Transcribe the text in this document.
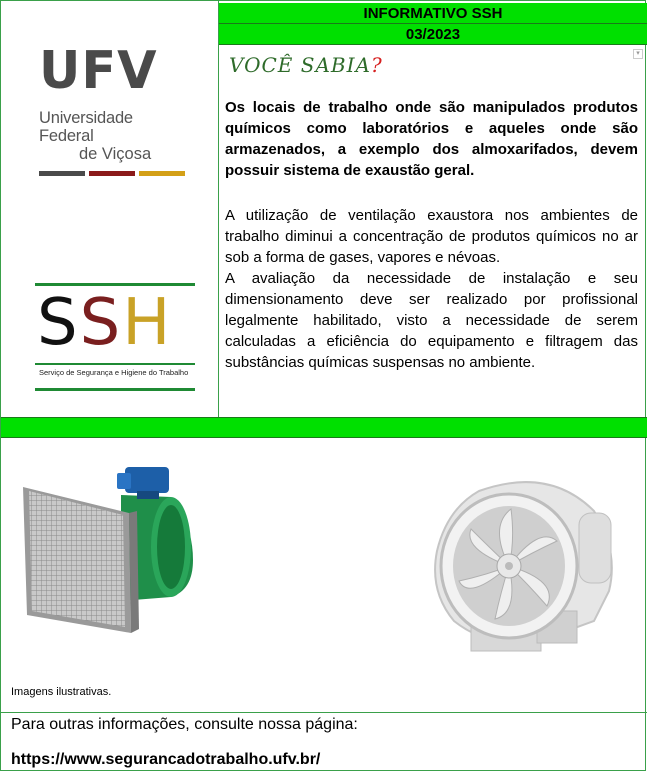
UFV
Universidade Federal
de Viçosa
SSH
Serviço de Segurança e Higiene do Trabalho
INFORMATIVO SSH
03/2023
VOCÊ SABIA?	▾

Os locais de trabalho onde são manipulados produtos químicos como laboratórios e aqueles onde são armazenados, a exemplo dos almoxarifados, devem possuir sistema de exaustão geral.

A utilização de ventilação exaustora nos ambientes de trabalho diminui a concentração de produtos químicos no ar sob a forma de gases, vapores e névoas.

A avaliação da necessidade de instalação e seu dimensionamento deve ser realizado por profissional legalmente habilitado, visto a necessidade de serem calculadas a eficiência do equipamento e filtragem das substâncias químicas suspensas no ambiente.

Imagens ilustrativas.
Para outras informações, consulte nossa página:
https://www.segurancadotrabalho.ufv.br/
